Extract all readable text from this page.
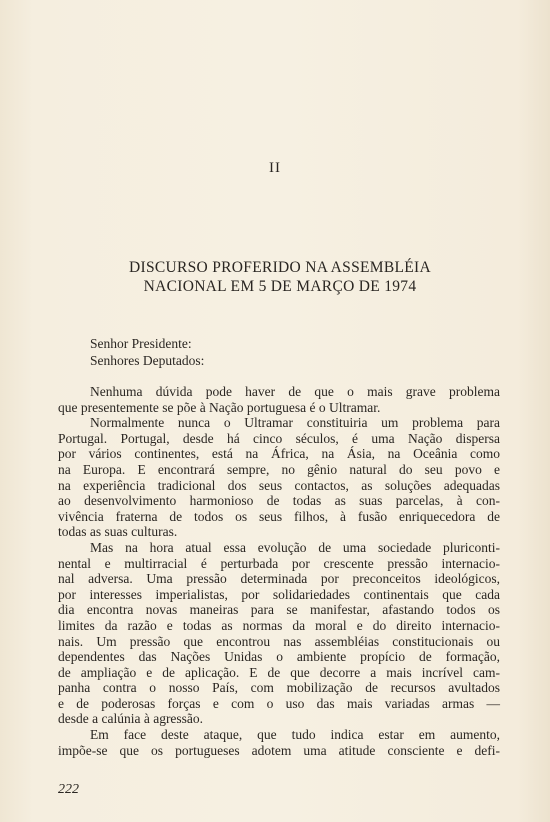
II
DISCURSO PROFERIDO NA ASSEMBLÉIA
NACIONAL EM 5 DE MARÇO DE 1974
Senhor Presidente:
Senhores Deputados:
Nenhuma dúvida pode haver de que o mais grave problema
que presentemente se põe à Nação portuguesa é o Ultramar.
Normalmente nunca o Ultramar constituiria um problema para
Portugal. Portugal, desde há cinco séculos, é uma Nação dispersa
por vários continentes, está na África, na Ásia, na Oceânia como
na Europa. E encontrará sempre, no gênio natural do seu povo e
na experiência tradicional dos seus contactos, as soluções adequadas
ao desenvolvimento harmonioso de todas as suas parcelas, à con-
vivência fraterna de todos os seus filhos, à fusão enriquecedora de
todas as suas culturas.
Mas na hora atual essa evolução de uma sociedade pluriconti-
nental e multirracial é perturbada por crescente pressão internacio-
nal adversa. Uma pressão determinada por preconceitos ideológicos,
por interesses imperialistas, por solidariedades continentais que cada
dia encontra novas maneiras para se manifestar, afastando todos os
limites da razão e todas as normas da moral e do direito internacio-
nais. Um pressão que encontrou nas assembléias constitucionais ou
dependentes das Nações Unidas o ambiente propício de formação,
de ampliação e de aplicação. E de que decorre a mais incrível cam-
panha contra o nosso País, com mobilização de recursos avultados
e de poderosas forças e com o uso das mais variadas armas —
desde a calúnia à agressão.
Em face deste ataque, que tudo indica estar em aumento,
impõe-se que os portugueses adotem uma atitude consciente e defi-
222
